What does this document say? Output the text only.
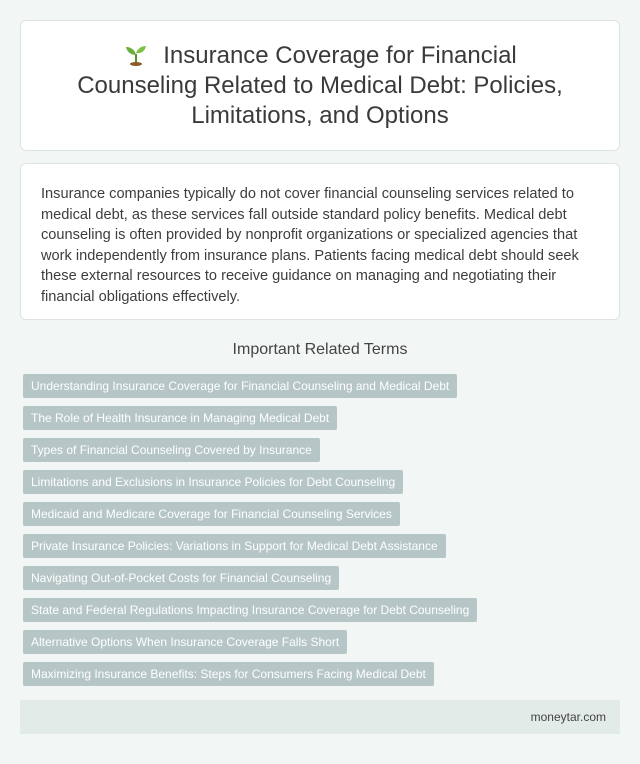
Insurance Coverage for Financial Counseling Related to Medical Debt: Policies, Limitations, and Options

Insurance companies typically do not cover financial counseling services related to medical debt, as these services fall outside standard policy benefits. Medical debt counseling is often provided by nonprofit organizations or specialized agencies that work independently from insurance plans. Patients facing medical debt should seek these external resources to receive guidance on managing and negotiating their financial obligations effectively.

Important Related Terms
Understanding Insurance Coverage for Financial Counseling and Medical Debt
The Role of Health Insurance in Managing Medical Debt
Types of Financial Counseling Covered by Insurance
Limitations and Exclusions in Insurance Policies for Debt Counseling
Medicaid and Medicare Coverage for Financial Counseling Services
Private Insurance Policies: Variations in Support for Medical Debt Assistance
Navigating Out-of-Pocket Costs for Financial Counseling
State and Federal Regulations Impacting Insurance Coverage for Debt Counseling
Alternative Options When Insurance Coverage Falls Short
Maximizing Insurance Benefits: Steps for Consumers Facing Medical Debt
moneytar.com
